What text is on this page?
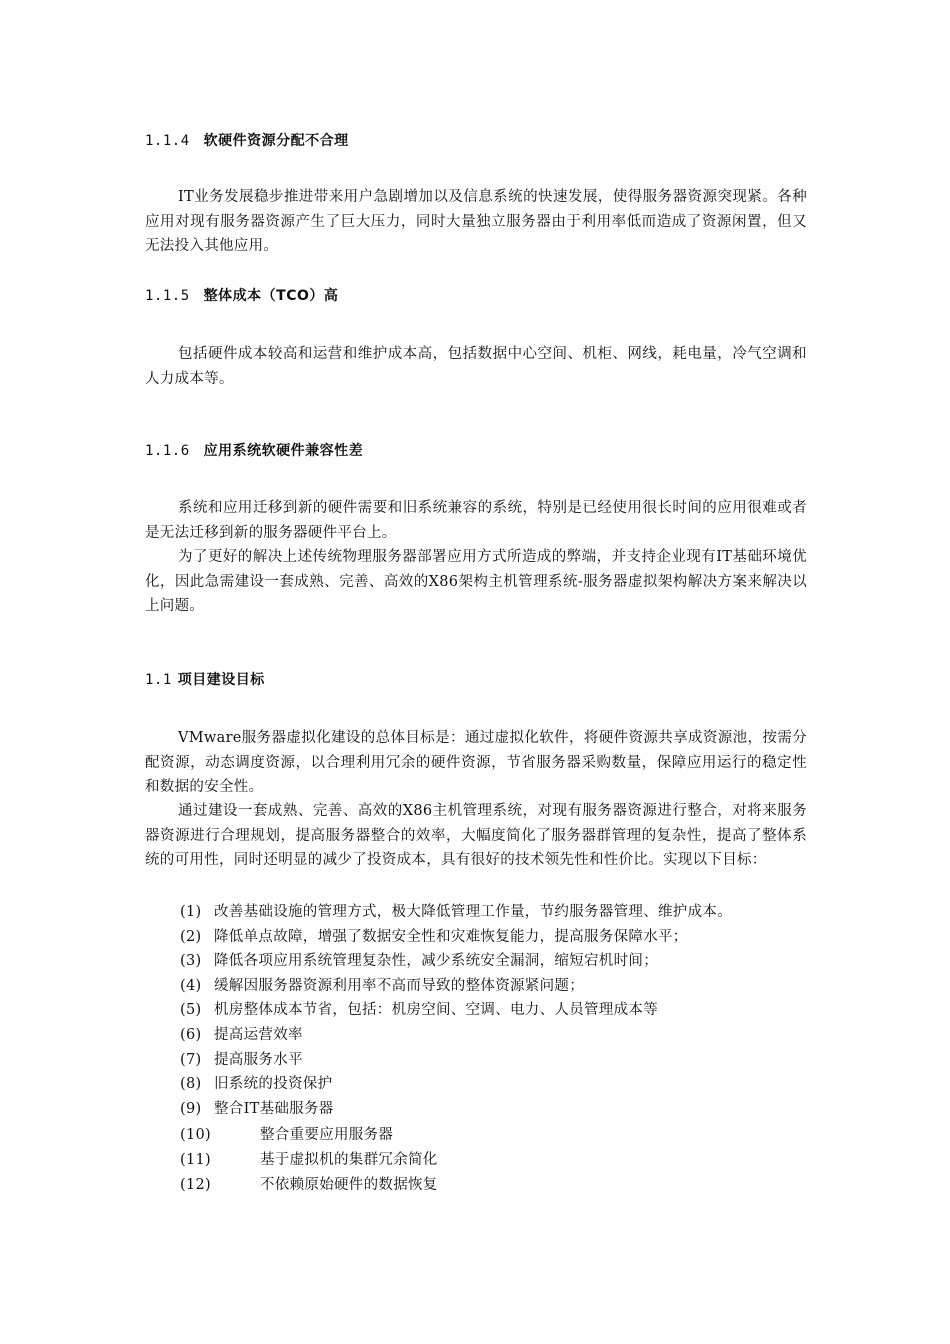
1.1.4 软硬件资源分配不合理
IT业务发展稳步推进带来用户急剧增加以及信息系统的快速发展，使得服务器资源突现紧。各种应用对现有服务器资源产生了巨大压力，同时大量独立服务器由于利用率低而造成了资源闲置，但又无法投入其他应用。
1.1.5 整体成本（TCO）高
包括硬件成本较高和运营和维护成本高，包括数据中心空间、机柜、网线，耗电量，冷气空调和人力成本等。
1.1.6 应用系统软硬件兼容性差
系统和应用迁移到新的硬件需要和旧系统兼容的系统，特别是已经使用很长时间的应用很难或者是无法迁移到新的服务器硬件平台上。
为了更好的解决上述传统物理服务器部署应用方式所造成的弊端，并支持企业现有IT基础环境优化，因此急需建设一套成熟、完善、高效的X86架构主机管理系统-服务器虚拟架构解决方案来解决以上问题。
1.1 项目建设目标
VMware服务器虚拟化建设的总体目标是：通过虚拟化软件，将硬件资源共享成资源池，按需分配资源，动态调度资源，以合理利用冗余的硬件资源，节省服务器采购数量，保障应用运行的稳定性和数据的安全性。
通过建设一套成熟、完善、高效的X86主机管理系统，对现有服务器资源进行整合，对将来服务器资源进行合理规划，提高服务器整合的效率，大幅度简化了服务器群管理的复杂性，提高了整体系统的可用性，同时还明显的减少了投资成本，具有很好的技术领先性和性价比。实现以下目标：
(1) 改善基础设施的管理方式，极大降低管理工作量，节约服务器管理、维护成本。
(2) 降低单点故障，增强了数据安全性和灾难恢复能力，提高服务保障水平；
(3) 降低各项应用系统管理复杂性，减少系统安全漏洞，缩短宕机时间；
(4) 缓解因服务器资源利用率不高而导致的整体资源紧问题；
(5) 机房整体成本节省，包括：机房空间、空调、电力、人员管理成本等
(6) 提高运营效率
(7) 提高服务水平
(8) 旧系统的投资保护
(9) 整合IT基础服务器
(10)	整合重要应用服务器
(11)	基于虚拟机的集群冗余简化
(12)	不依赖原始硬件的数据恢复
